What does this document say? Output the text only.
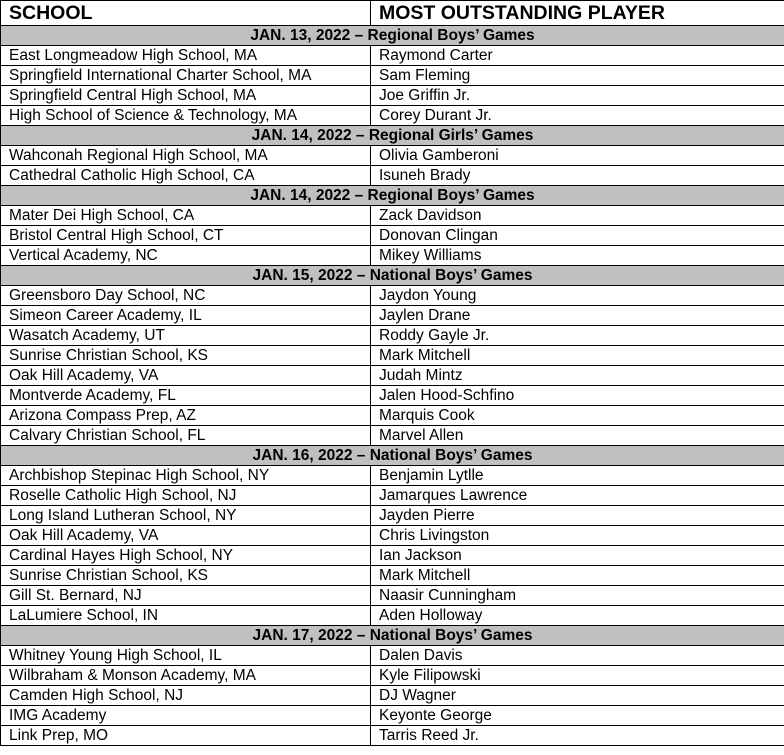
SCHOOL	MOST OUTSTANDING PLAYER
JAN. 13, 2022 – Regional Boys’ Games	
East Longmeadow High School, MA	Raymond Carter
Springfield International Charter School, MA	Sam Fleming
Springfield Central High School, MA	Joe Griffin Jr.
High School of Science & Technology, MA	Corey Durant Jr.
JAN. 14, 2022 – Regional Girls’ Games	
Wahconah Regional High School, MA	Olivia Gamberoni
Cathedral Catholic High School, CA	Isuneh Brady
JAN. 14, 2022 – Regional Boys’ Games	
Mater Dei High School, CA	Zack Davidson
Bristol Central High School, CT	Donovan Clingan
Vertical Academy, NC	Mikey Williams
JAN. 15, 2022 – National Boys’ Games	
Greensboro Day School, NC	Jaydon Young
Simeon Career Academy, IL	Jaylen Drane
Wasatch Academy, UT	Roddy Gayle Jr.
Sunrise Christian School, KS	Mark Mitchell
Oak Hill Academy, VA	Judah Mintz
Montverde Academy, FL	Jalen Hood-Schfino
Arizona Compass Prep, AZ	Marquis Cook
Calvary Christian School, FL	Marvel Allen
JAN. 16, 2022 – National Boys’ Games	
Archbishop Stepinac High School, NY	Benjamin Lytlle
Roselle Catholic High School, NJ	Jamarques Lawrence
Long Island Lutheran School, NY	Jayden Pierre
Oak Hill Academy, VA	Chris Livingston
Cardinal Hayes High School, NY	Ian Jackson
Sunrise Christian School, KS	Mark Mitchell
Gill St. Bernard, NJ	Naasir Cunningham
LaLumiere School, IN	Aden Holloway
JAN. 17, 2022 – National Boys’ Games	
Whitney Young High School, IL	Dalen Davis
Wilbraham & Monson Academy, MA	Kyle Filipowski
Camden High School, NJ	DJ Wagner
IMG Academy	Keyonte George
Link Prep, MO	Tarris Reed Jr.
